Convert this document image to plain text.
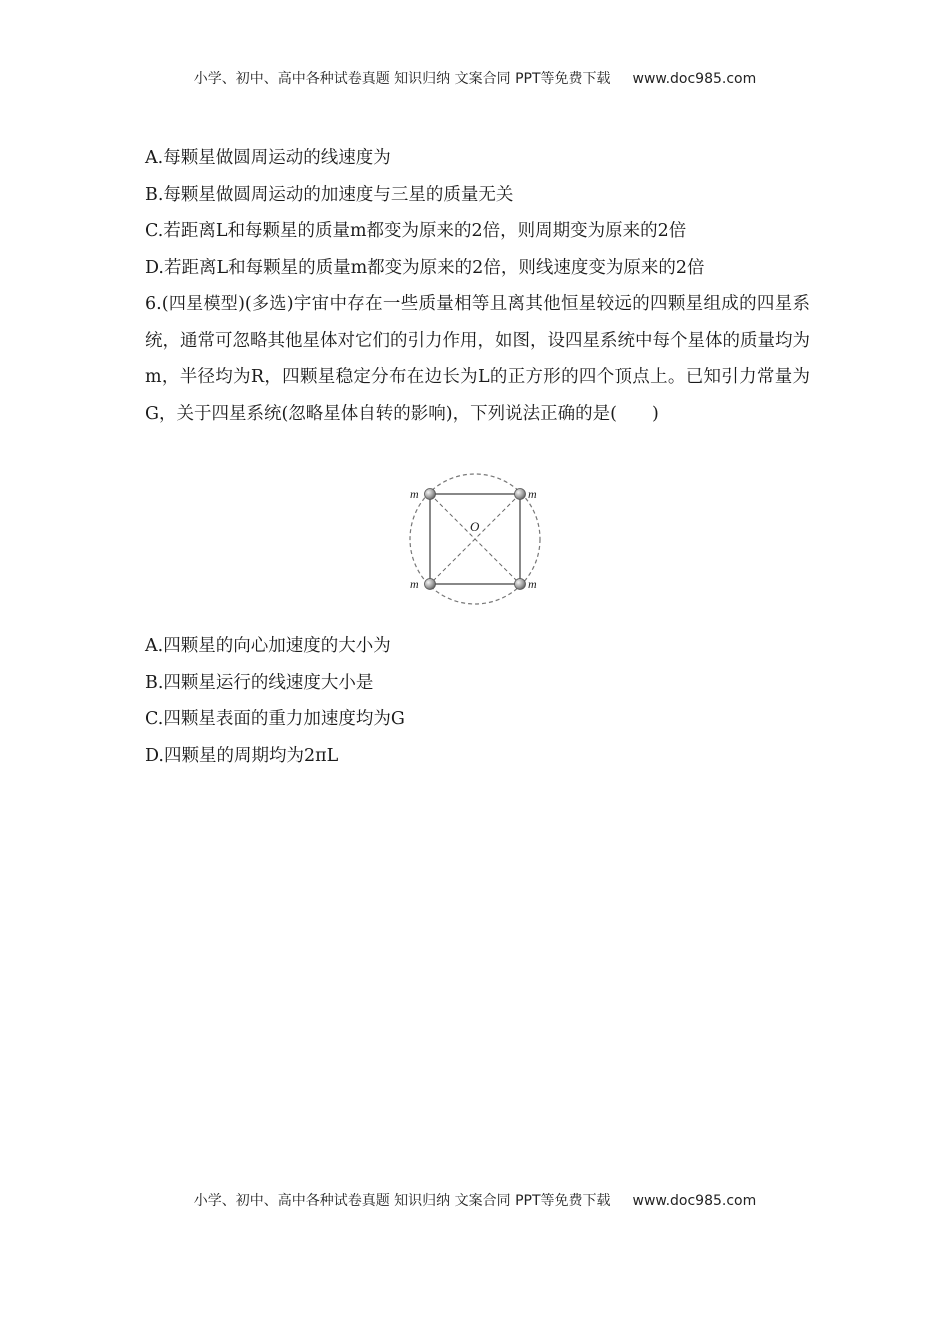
小学、初中、高中各种试卷真题 知识归纳 文案合同 PPT等免费下载 www.doc985.com
A.每颗星做圆周运动的线速度为
B.每颗星做圆周运动的加速度与三星的质量无关
C.若距离L和每颗星的质量m都变为原来的2倍，则周期变为原来的2倍
D.若距离L和每颗星的质量m都变为原来的2倍，则线速度变为原来的2倍
6.(四星模型)(多选)宇宙中存在一些质量相等且离其他恒星较远的四颗星组成的四星系统，通常可忽略其他星体对它们的引力作用，如图，设四星系统中每个星体的质量均为m，半径均为R，四颗星稳定分布在边长为L的正方形的四个顶点上。已知引力常量为G，关于四星系统(忽略星体自转的影响)，下列说法正确的是(　　)
O
m	m
m	m
A.四颗星的向心加速度的大小为
B.四颗星运行的线速度大小是
C.四颗星表面的重力加速度均为G
D.四颗星的周期均为2πL
小学、初中、高中各种试卷真题 知识归纳 文案合同 PPT等免费下载 www.doc985.com
